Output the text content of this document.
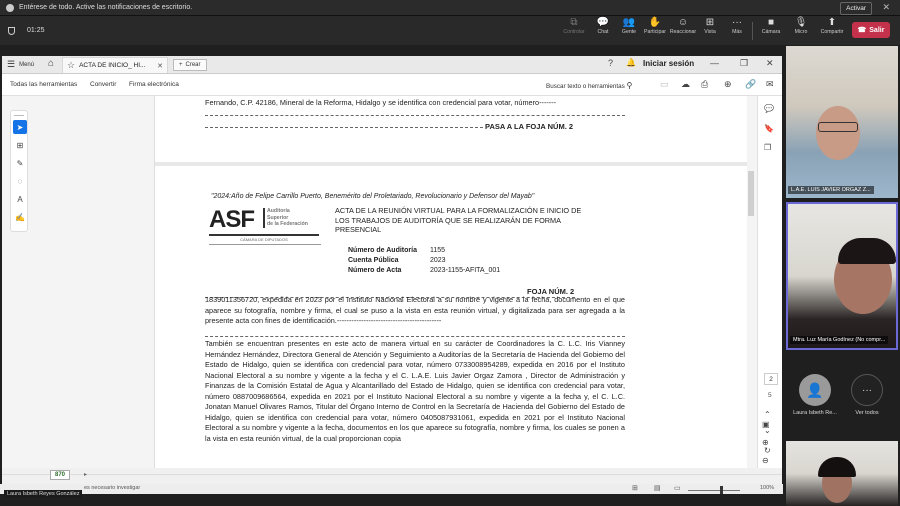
Entérese de todo. Active las notificaciones de escritorio.	Activar	✕
01:25
⧉
Controlar
💬
Chat
👥
Gente
✋
Participar
☺
Reaccionar
⊞
Vista
···
Más
■
Cámara
🎙
Micro
⬆
Compartir ☎ Salir
☰ Menú ⌂ ☆ ACTA DE INICIO_ HI... ✕	+ Crear	? 🔔 Iniciar sesión — ❐ ✕
Todas las herramientas Convertir Firma electrónica	Buscar texto o herramientas ⚲	▭ ☁ ⎙ ⊕ 🔗 ✉
➤
⊞
✎
◌
A
✍
Fernando, C.P. 42186, Mineral de la Reforma, Hidalgo y se identifica con credencial para votar, número-------
PASA A LA FOJA NÚM. 2
"2024:Año de Felipe Carrillo Puerto, Benemérito del Proletariado, Revolucionario y Defensor del Mayab"
ASF	Auditoría
Superior
de la Federación
CÁMARA DE DIPUTADOS
ACTA DE LA REUNIÓN VIRTUAL PARA LA FORMALIZACIÓN E INICIO DE LOS TRABAJOS DE AUDITORÍA QUE SE REALIZARÁN DE FORMA PRESENCIAL
Número de Auditoría 1155
Cuenta Pública	2023
Número de Acta	2023-1155-AFITA_001
FOJA NÚM. 2
1839011356720, expedida en 2023 por el Instituto Nacional Electoral a su nombre y vigente a la fecha, documento en el que aparece su fotografía, nombre y firma, el cual se puso a la vista en esta reunión virtual, y digitalizada para ser agregada a la presente acta con fines de identificación.-------------------------------------------
También se encuentran presentes en este acto de manera virtual en su carácter de Coordinadores la C. L.C. Iris Vianney Hernández Hernández, Directora General de Atención y Seguimiento a Auditorías de la Secretaría de Hacienda del Gobierno del Estado de Hidalgo, quien se identifica con credencial para votar, número 0733008954289, expedida en 2016 por el Instituto Nacional Electoral a su nombre y vigente a la fecha y el C. L.A.E. Luis Javier Orgaz Zamora , Director de Administración y Finanzas de la Comisión Estatal de Agua y Alcantarillado del Estado de Hidalgo, quien se identifica con credencial para votar, número 0887009686564, expedida en 2021 por el Instituto Nacional Electoral a su nombre y vigente a la fecha y, el C. L.C. Jonatan Manuel Olivares Ramos, Titular del Órgano Interno de Control en la Secretaría de Hacienda del Gobierno del Estado de Hidalgo, quien se identifica con credencial para votar, número 0405087931061, expedida en 2021 por el Instituto Nacional Electoral a su nombre y vigente a la fecha, documentos en los que aparece su fotografía, nombre y firma, los cuales se ponen a la vista en esta reunión virtual, de la cual proporcionan copia
💬
🔖
❐
2
5
⌃
⌄
↻
870	▸
▣
⊕
⊖
es necesario investigar	⊞ ▤ ▭	100%
Laura Isbeth Reyes González
L.A.E. LUIS JAVIER ORGAZ Z...
Mtra. Luz María Godínez (No compr...
👤
Laura Isbeth Re...
···
Ver todos
